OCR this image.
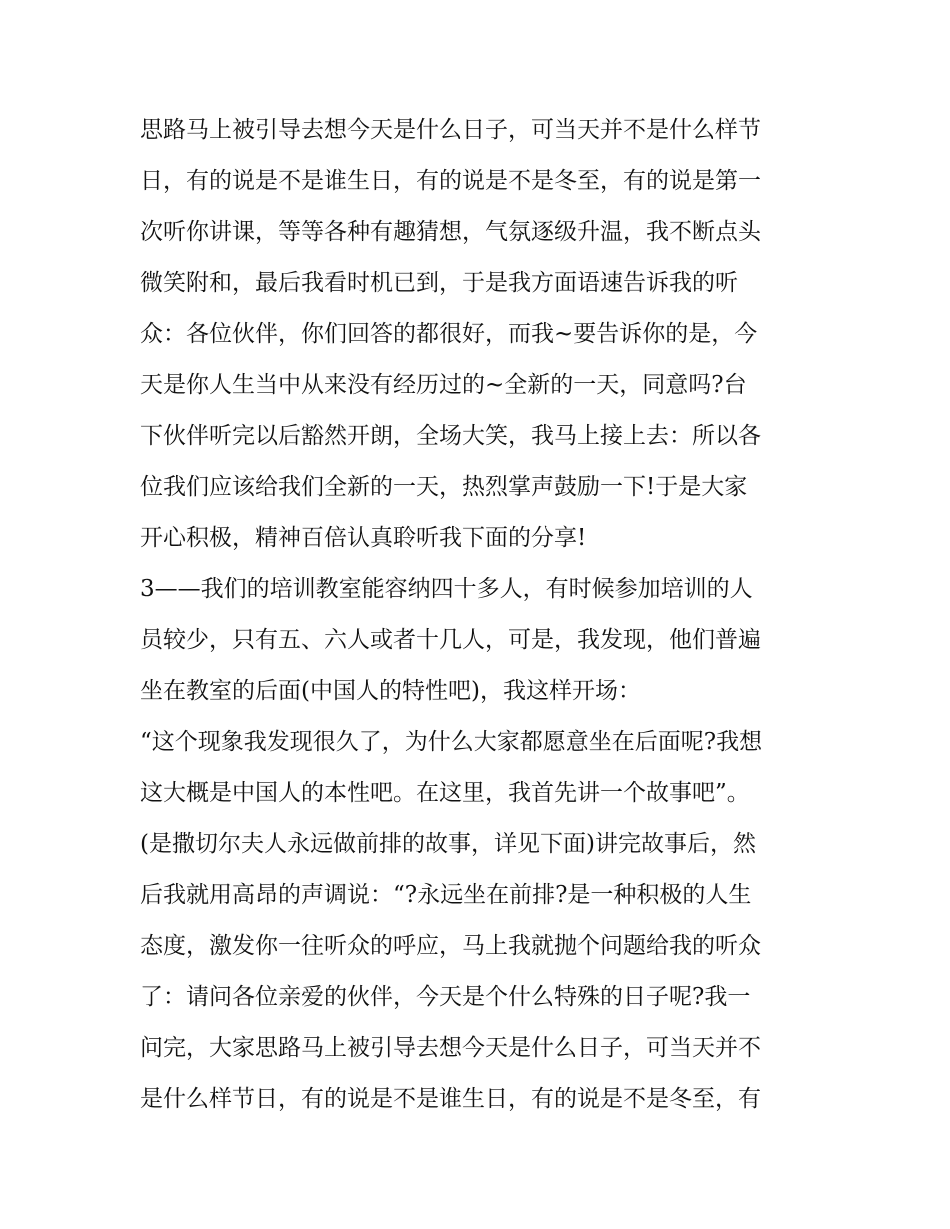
思路马上被引导去想今天是什么日子，可当天并不是什么样节
日，有的说是不是谁生日，有的说是不是冬至，有的说是第一
次听你讲课，等等各种有趣猜想，气氛逐级升温，我不断点头
微笑附和，最后我看时机已到，于是我方面语速告诉我的听
众：各位伙伴，你们回答的都很好，而我~要告诉你的是，今
天是你人生当中从来没有经历过的~全新的一天，同意吗?台
下伙伴听完以后豁然开朗，全场大笑，我马上接上去：所以各
位我们应该给我们全新的一天，热烈掌声鼓励一下!于是大家
开心积极，精神百倍认真聆听我下面的分享!
3——我们的培训教室能容纳四十多人，有时候参加培训的人
员较少，只有五、六人或者十几人，可是，我发现，他们普遍
坐在教室的后面(中国人的特性吧)，我这样开场：
“这个现象我发现很久了，为什么大家都愿意坐在后面呢?我想
这大概是中国人的本性吧。在这里，我首先讲一个故事吧”。
(是撒切尔夫人永远做前排的故事，详见下面)讲完故事后，然
后我就用高昂的声调说：“?永远坐在前排?是一种积极的人生
态度，激发你一往听众的呼应，马上我就抛个问题给我的听众
了：请问各位亲爱的伙伴，今天是个什么特殊的日子呢?我一
问完，大家思路马上被引导去想今天是什么日子，可当天并不
是什么样节日，有的说是不是谁生日，有的说是不是冬至，有
